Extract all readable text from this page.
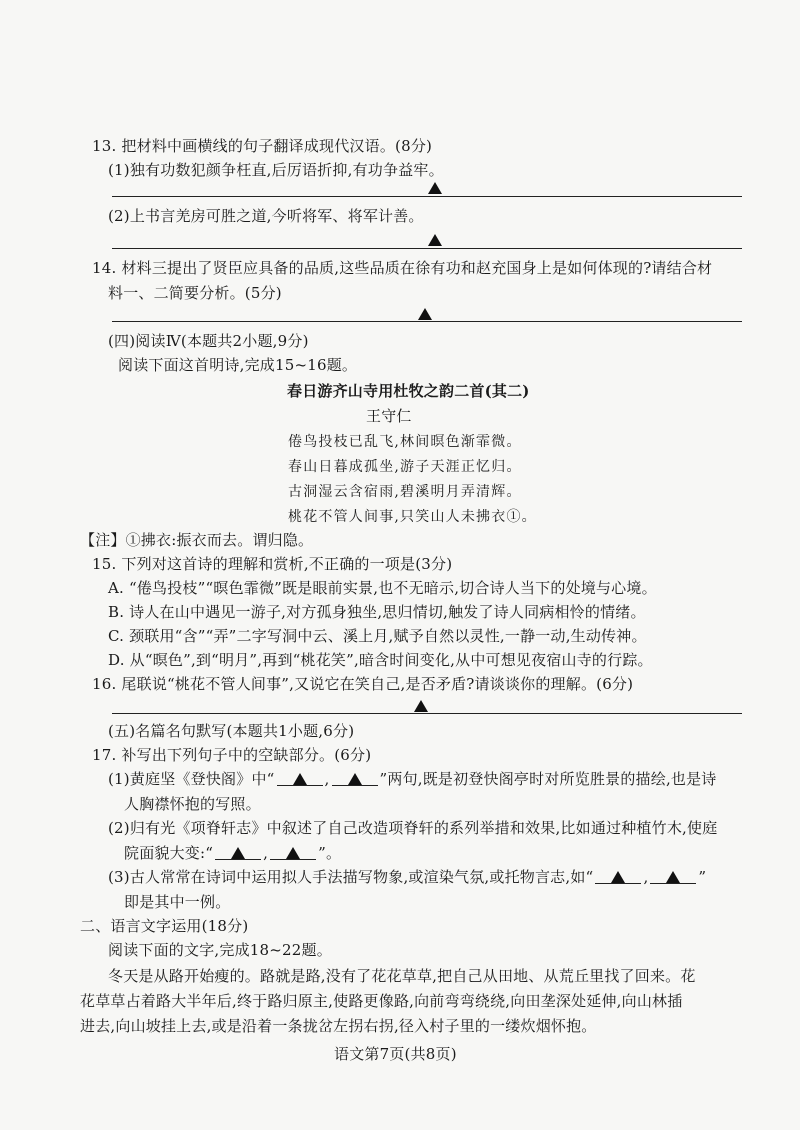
13. 把材料中画横线的句子翻译成现代汉语。(8分)
(1)独有功数犯颜争枉直,后厉语折抑,有功争益牢。
(2)上书言羌房可胜之道,今听将军、将军计善。
14. 材料三提出了贤臣应具备的品质,这些品质在徐有功和赵充国身上是如何体现的?请结合材
料一、二简要分析。(5分)
(四)阅读Ⅳ(本题共2小题,9分)
阅读下面这首明诗,完成15~16题。
春日游齐山寺用杜牧之韵二首(其二)
王守仁
倦鸟投枝已乱飞,林间暝色渐霏微。
春山日暮成孤坐,游子天涯正忆归。
古洞湿云含宿雨,碧溪明月弄清辉。
桃花不管人间事,只笑山人未拂衣①。
【注】①拂衣:振衣而去。谓归隐。
15. 下列对这首诗的理解和赏析,不正确的一项是(3分)
A. “倦鸟投枝”“暝色霏微”既是眼前实景,也不无暗示,切合诗人当下的处境与心境。
B. 诗人在山中遇见一游子,对方孤身独坐,思归情切,触发了诗人同病相怜的情绪。
C. 颈联用“含”“弄”二字写洞中云、溪上月,赋予自然以灵性,一静一动,生动传神。
D. 从“暝色”,到“明月”,再到“桃花笑”,暗含时间变化,从中可想见夜宿山寺的行踪。
16. 尾联说“桃花不管人间事”,又说它在笑自己,是否矛盾?请谈谈你的理解。(6分)
(五)名篇名句默写(本题共1小题,6分)
17. 补写出下列句子中的空缺部分。(6分)
(1)黄庭坚《登快阁》中“	,	”两句,既是初登快阁亭时对所览胜景的描绘,也是诗
人胸襟怀抱的写照。
(2)归有光《项脊轩志》中叙述了自己改造项脊轩的系列举措和效果,比如通过种植竹木,使庭
院面貌大变:“	,	”。
(3)古人常常在诗词中运用拟人手法描写物象,或渲染气氛,或托物言志,如“	,	”
即是其中一例。
二、语言文字运用(18分)
阅读下面的文字,完成18~22题。
冬天是从路开始瘦的。路就是路,没有了花花草草,把自己从田地、从荒丘里找了回来。花
花草草占着路大半年后,终于路归原主,使路更像路,向前弯弯绕绕,向田垄深处延伸,向山林插
进去,向山坡挂上去,或是沿着一条拢岔左拐右拐,径入村子里的一缕炊烟怀抱。
语文第7页(共8页)
